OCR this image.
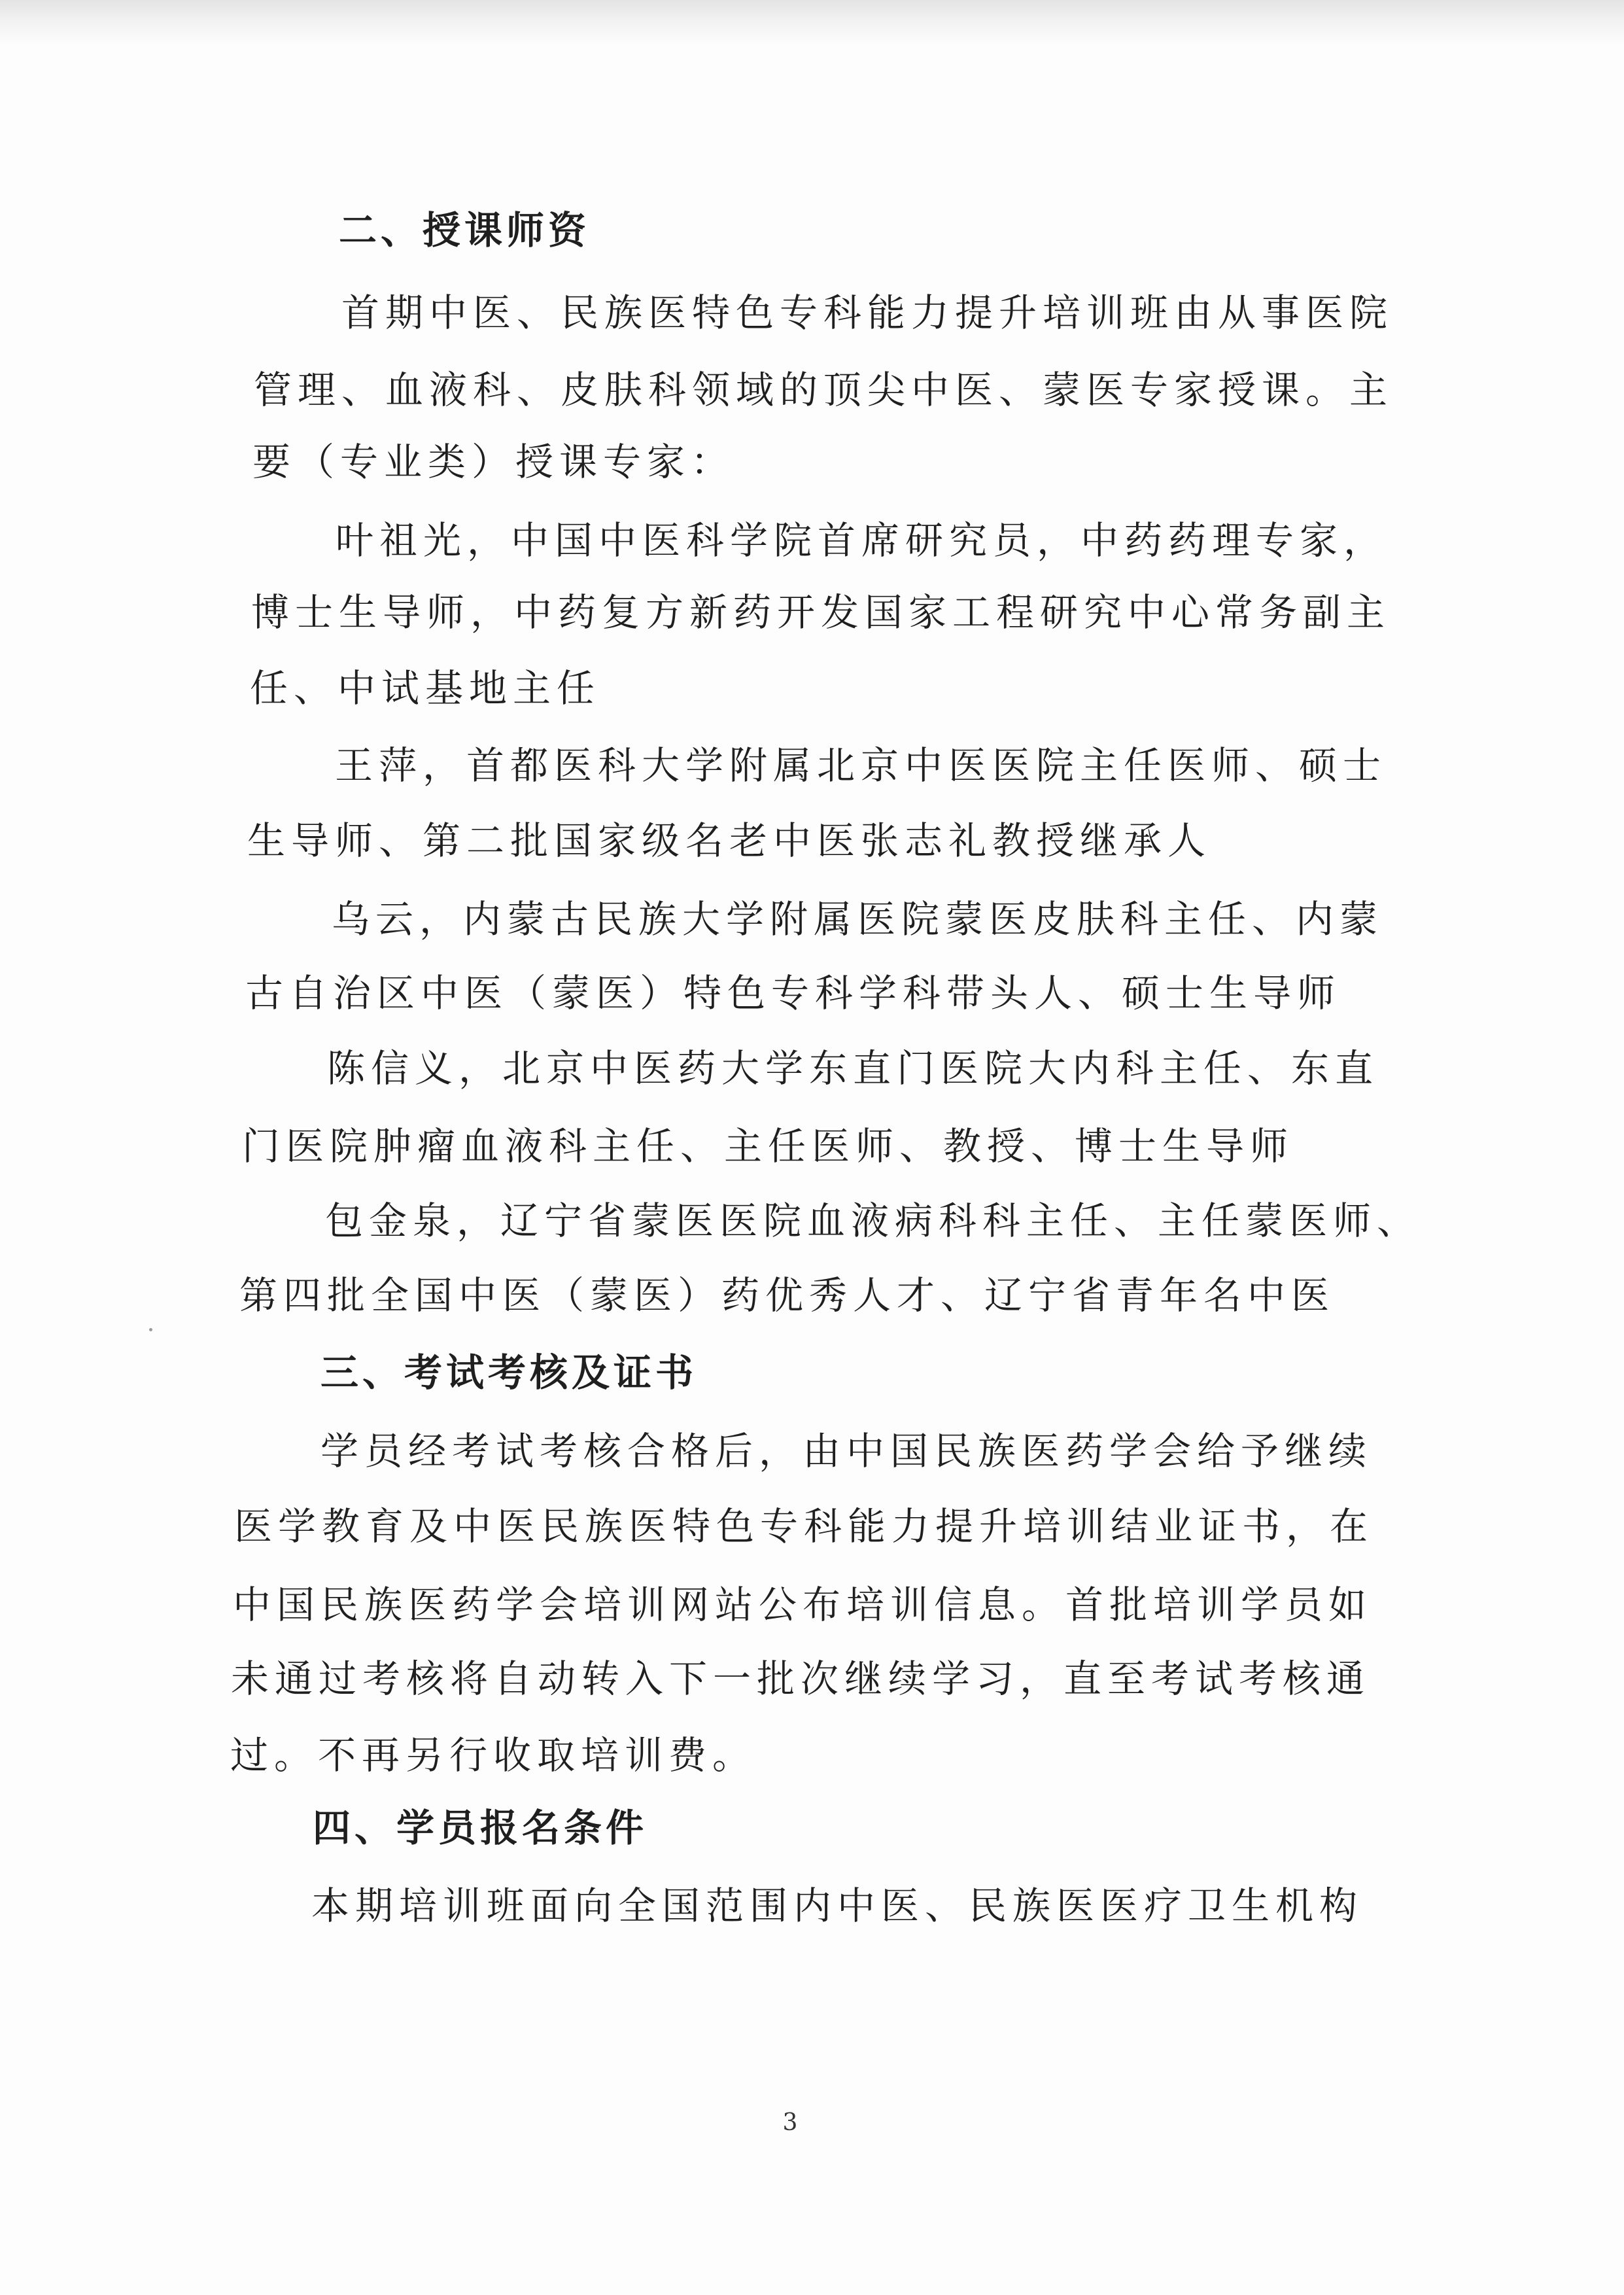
二、授课师资
首期中医、民族医特色专科能力提升培训班由从事医院
管理、血液科、皮肤科领域的顶尖中医、蒙医专家授课。主
要（专业类）授课专家：
叶祖光，中国中医科学院首席研究员，中药药理专家，
博士生导师，中药复方新药开发国家工程研究中心常务副主
任、中试基地主任
王萍，首都医科大学附属北京中医医院主任医师、硕士
生导师、第二批国家级名老中医张志礼教授继承人
乌云，内蒙古民族大学附属医院蒙医皮肤科主任、内蒙
古自治区中医（蒙医）特色专科学科带头人、硕士生导师
陈信义，北京中医药大学东直门医院大内科主任、东直
门医院肿瘤血液科主任、主任医师、教授、博士生导师
包金泉，辽宁省蒙医医院血液病科科主任、主任蒙医师、
第四批全国中医（蒙医）药优秀人才、辽宁省青年名中医
三、考试考核及证书
学员经考试考核合格后，由中国民族医药学会给予继续
医学教育及中医民族医特色专科能力提升培训结业证书，在
中国民族医药学会培训网站公布培训信息。首批培训学员如
未通过考核将自动转入下一批次继续学习，直至考试考核通
过。不再另行收取培训费。
四、学员报名条件
本期培训班面向全国范围内中医、民族医医疗卫生机构
3
